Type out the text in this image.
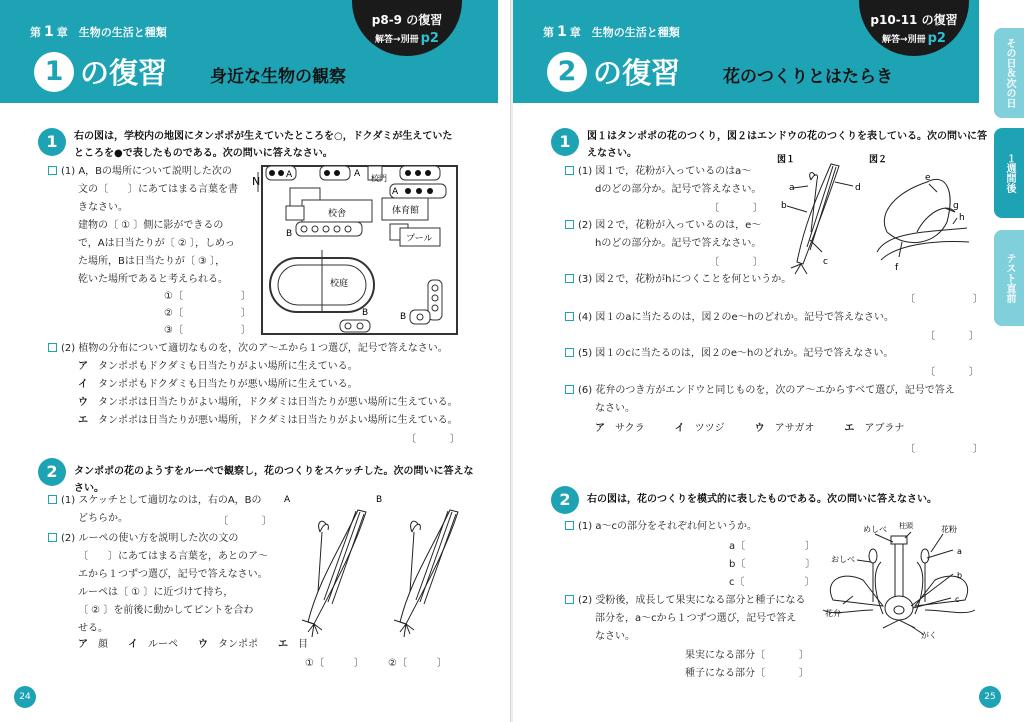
第 1 章　 生物の生活と種類
1 の復習	身近な生物の観察
p8-9 の復習
解答→別冊 p2
1	右の図は，学校内の地図にタンポポが生えていたところを○，ドクダミが生えていたところを●で表したものである。次の問いに答えなさい。
(1) A，Bの場所について説明した次の
文の〔　　〕にあてはまる言葉を書
きなさい。
建物の〔 ① 〕側に影ができるの
で，Aは日当たりが〔 ② 〕，しめっ
た場所，Bは日当たりが〔 ③ 〕，
乾いた場所であると考えられる。
①〔	〕
②〔	〕
③〔	〕
N	A	A 校門
A
校舎	体育館
B	プール
校庭
B	B
(2) 植物の分布について適切なものを，次のア〜エから１つ選び，記号で答えなさい。
ア　 タンポポもドクダミも日当たりがよい場所に生えている。
イ　 タンポポもドクダミも日当たりが悪い場所に生えている。
ウ　 タンポポは日当たりがよい場所，ドクダミは日当たりが悪い場所に生えている。
エ　 タンポポは日当たりが悪い場所，ドクダミは日当たりがよい場所に生えている。
〔	〕
2	タンポポの花のようすをルーペで観察し，花のつくりをスケッチした。次の問いに答えなさい。
(1) スケッチとして適切なのは，右のA，Bの
どちらか。	〔	〕
(2) ルーペの使い方を説明した次の文の
〔　　〕にあてはまる言葉を，あとのア〜
エから１つずつ選び，記号で答えなさい。
ルーペは〔 ① 〕に近づけて持ち，
〔 ② 〕を前後に動かしてピントを合わ
せる。
ア　 顔　　 イ　 ルーペ　　 ウ　 タンポポ　　 エ　 目
①〔	〕 ②〔	〕
A	B
24
第 1 章　 生物の生活と種類
2 の復習	花のつくりとはたらき
p10-11 の復習
解答→別冊 p2
1	図１はタンポポの花のつくり，図２はエンドウの花のつくりを表している。次の問いに答えなさい。
(1) 図１で，花粉が入っているのはa〜
dのどの部分か。記号で答えなさい。
〔	〕
(2) 図２で，花粉が入っているのは，e〜
hのどの部分か。記号で答えなさい。
〔	〕
(3) 図２で，花粉がhにつくことを何というか。
〔	〕
(4) 図１のaに当たるのは，図２のe〜hのどれか。記号で答えなさい。
〔	〕
(5) 図１のcに当たるのは，図２のe〜hのどれか。記号で答えなさい。
〔	〕
(6) 花弁のつき方がエンドウと同じものを，次のア〜エからすべて選び，記号で答え
なさい。
ア　 サクラ　　　	イ　 ツツジ　　　	ウ　 アサガオ　　　	エ　 アブラナ
〔	〕
図１	図２
a
b
c
d
e
f
g
h
2	右の図は，花のつくりを模式的に表したものである。次の問いに答えなさい。
(1) a〜cの部分をそれぞれ何というか。
a〔	〕
b〔	〕
c〔	〕
(2) 受粉後，成長して果実になる部分と種子になる
部分を，a〜cから１つずつ選び，記号で答え
なさい。
果実になる部分〔	〕
種子になる部分〔	〕
めしべ 柱頭	花粉
おしべ
a
b
c
花弁
がく
25
その日＆次の日
１週間後
テスト直前
